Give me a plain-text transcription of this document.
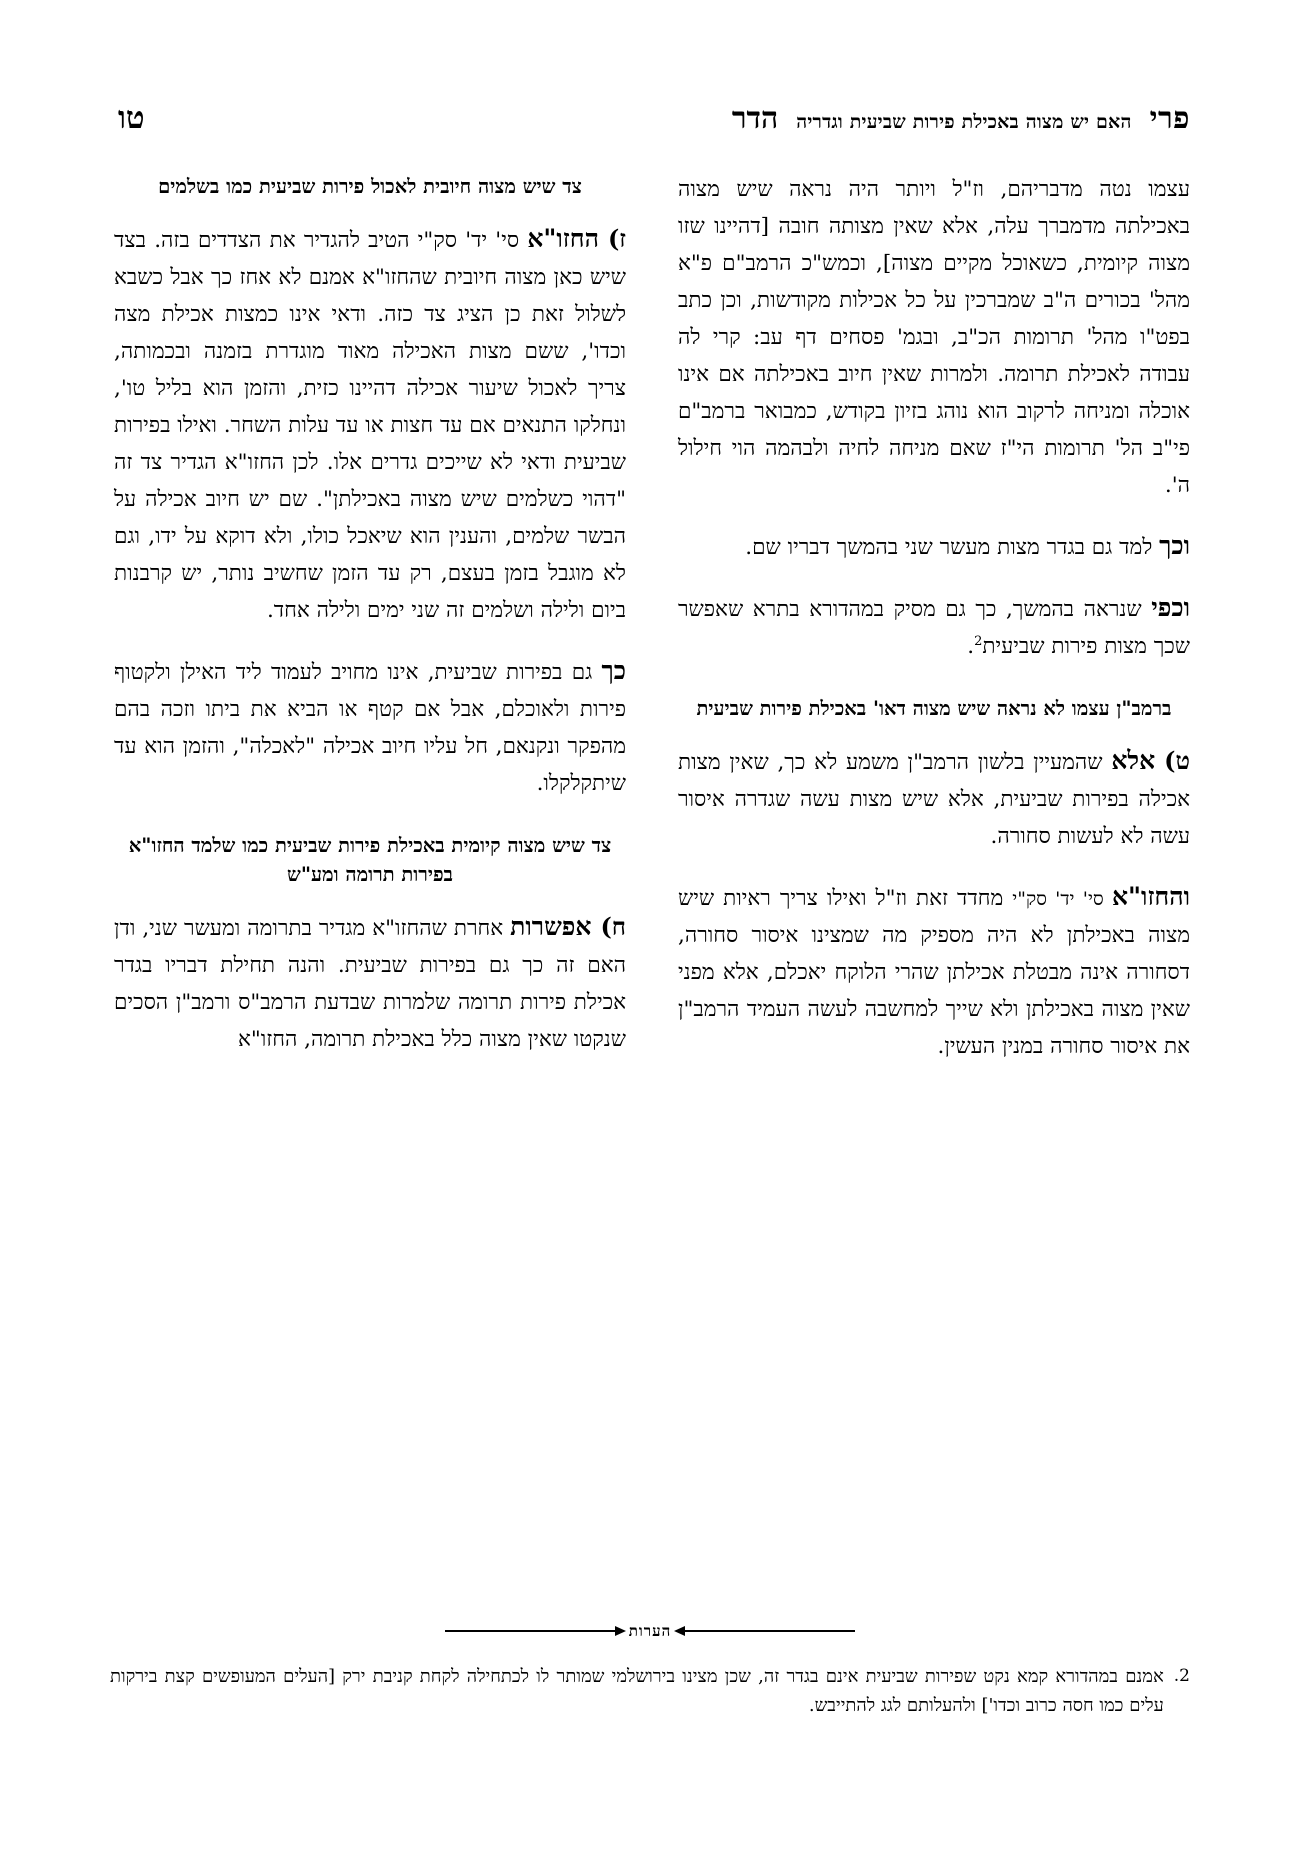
פרי
האם יש מצוה באכילת פירות שביעית וגדריה
הדר
טו

עצמו נטה מדבריהם, וז"ל ויותר היה נראה שיש מצוה באכילתה מדמברך עלה, אלא שאין מצותה חובה [דהיינו שזו מצוה קיומית, כשאוכל מקיים מצוה], וכמש"כ הרמב"ם פ"א מהל' בכורים ה"ב שמברכין על כל אכילות מקודשות, וכן כתב בפט"ו מהל' תרומות הכ"ב, ובגמ' פסחים דף עב: קרי לה עבודה לאכילת תרומה. ולמרות שאין חיוב באכילתה אם אינו אוכלה ומניחה לרקוב הוא נוהג בזיון בקודש, כמבואר ברמב"ם פי"ב הל' תרומות הי"ז שאם מניחה לחיה ולבהמה הוי חילול ה'.

וכך למד גם בגדר מצות מעשר שני בהמשך דבריו שם.

וכפי שנראה בהמשך, כך גם מסיק במהדורא בתרא שאפשר שכך מצות פירות שביעית$^2$.

ברמב"ן עצמו לא נראה שיש מצוה דאו' באכילת פירות שביעית

ט)אלא שהמעיין בלשון הרמב"ן משמע לא כך, שאין מצות אכילה בפירות שביעית, אלא שיש מצות עשה שגדרה איסור עשה לא לעשות סחורה.

והחזו"א סי' יד' סק"י מחדד זאת וז"ל ואילו צריך ראיות שיש מצוה באכילתן לא היה מספיק מה שמצינו איסור סחורה, דסחורה אינה מבטלת אכילתן שהרי הלוקח יאכלם, אלא מפני שאין מצוה באכילתן ולא שייך למחשבה לעשה העמיד הרמב"ן את איסור סחורה במנין העשין.

צד שיש מצוה חיובית לאכול פירות שביעית כמו בשלמים

ז)החזו"א סי' יד' סק"י הטיב להגדיר את הצדדים בזה. בצד שיש כאן מצוה חיובית שהחזו"א אמנם לא אחז כך אבל כשבא לשלול זאת כן הציג צד כזה. ודאי אינו כמצות אכילת מצה וכדו', ששם מצות האכילה מאוד מוגדרת בזמנה ובכמותה, צריך לאכול שיעור אכילה דהיינו כזית, והזמן הוא בליל טו', ונחלקו התנאים אם עד חצות או עד עלות השחר. ואילו בפירות שביעית ודאי לא שייכים גדרים אלו. לכן החזו"א הגדיר צד זה "דהוי כשלמים שיש מצוה באכילתן". שם יש חיוב אכילה על הבשר שלמים, והענין הוא שיאכל כולו, ולא דוקא על ידו, וגם לא מוגבל בזמן בעצם, רק עד הזמן שחשיב נותר, יש קרבנות ביום ולילה ושלמים זה שני ימים ולילה אחד.

כך גם בפירות שביעית, אינו מחויב לעמוד ליד האילן ולקטוף פירות ולאוכלם, אבל אם קטף או הביא את ביתו וזכה בהם מהפקר ונקנאם, חל עליו חיוב אכילה "לאכלה", והזמן הוא עד שיתקלקלו.

צד שיש מצוה קיומית באכילת פירות שביעית כמו שלמד החזו"א בפירות תרומה ומע"ש

ח)אפשרות אחרת שהחזו"א מגדיר בתרומה ומעשר שני, ודן האם זה כך גם בפירות שביעית. והנה תחילת דבריו בגדר אכילת פירות תרומה שלמרות שבדעת הרמב"ס ורמב"ן הסכים שנקטו שאין מצוה כלל באכילת תרומה, החזו"א

הערות
2.
אמנם במהדורא קמא נקט שפירות שביעית אינם בגדר זה, שכן מצינו בירושלמי שמותר לו לכתחילה לקחת קניבת ירק [העלים המעופשים קצת בירקות עלים כמו חסה כרוב וכדו'] ולהעלותם לגג להתייבש.
